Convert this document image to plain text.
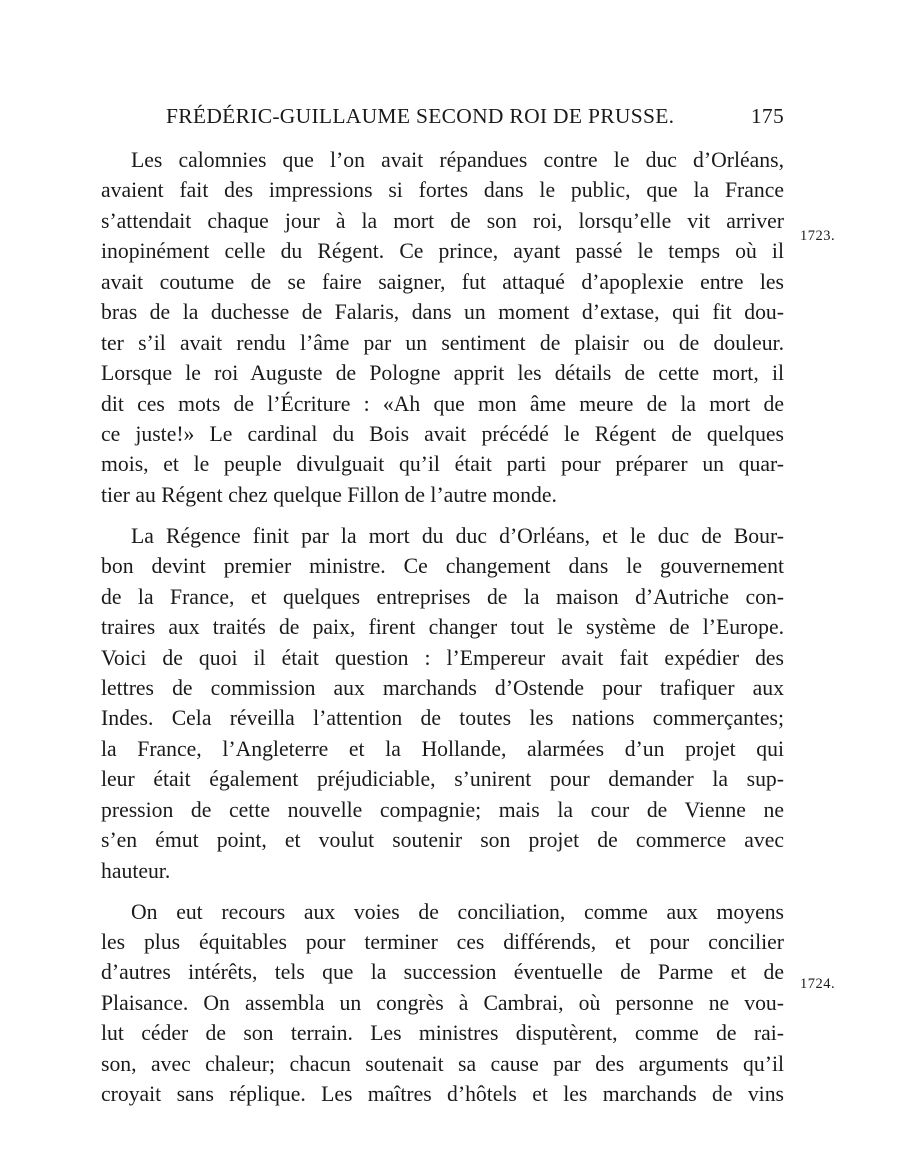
FRÉDÉRIC-GUILLAUME SECOND ROI DE PRUSSE.	175
Les calomnies que l’on avait répandues contre le duc d’Orléans,
avaient fait des impressions si fortes dans le public, que la France
s’attendait chaque jour à la mort de son roi, lorsqu’elle vit arriver
inopinément celle du Régent. Ce prince, ayant passé le temps où il
avait coutume de se faire saigner, fut attaqué d’apoplexie entre les
bras de la duchesse de Falaris, dans un moment d’extase, qui fit dou-
ter s’il avait rendu l’âme par un sentiment de plaisir ou de douleur.
Lorsque le roi Auguste de Pologne apprit les détails de cette mort, il
dit ces mots de l’Écriture : «Ah que mon âme meure de la mort de
ce juste!» Le cardinal du Bois avait précédé le Régent de quelques
mois, et le peuple divulguait qu’il était parti pour préparer un quar-
tier au Régent chez quelque Fillon de l’autre monde.
La Régence finit par la mort du duc d’Orléans, et le duc de Bour-
bon devint premier ministre. Ce changement dans le gouvernement
de la France, et quelques entreprises de la maison d’Autriche con-
traires aux traités de paix, firent changer tout le système de l’Europe.
Voici de quoi il était question : l’Empereur avait fait expédier des
lettres de commission aux marchands d’Ostende pour trafiquer aux
Indes. Cela réveilla l’attention de toutes les nations commerçantes;
la France, l’Angleterre et la Hollande, alarmées d’un projet qui
leur était également préjudiciable, s’unirent pour demander la sup-
pression de cette nouvelle compagnie; mais la cour de Vienne ne
s’en émut point, et voulut soutenir son projet de commerce avec
hauteur.
On eut recours aux voies de conciliation, comme aux moyens
les plus équitables pour terminer ces différends, et pour concilier
d’autres intérêts, tels que la succession éventuelle de Parme et de
Plaisance. On assembla un congrès à Cambrai, où personne ne vou-
lut céder de son terrain. Les ministres disputèrent, comme de rai-
son, avec chaleur; chacun soutenait sa cause par des arguments qu’il
croyait sans réplique. Les maîtres d’hôtels et les marchands de vins
1723.
1724.
